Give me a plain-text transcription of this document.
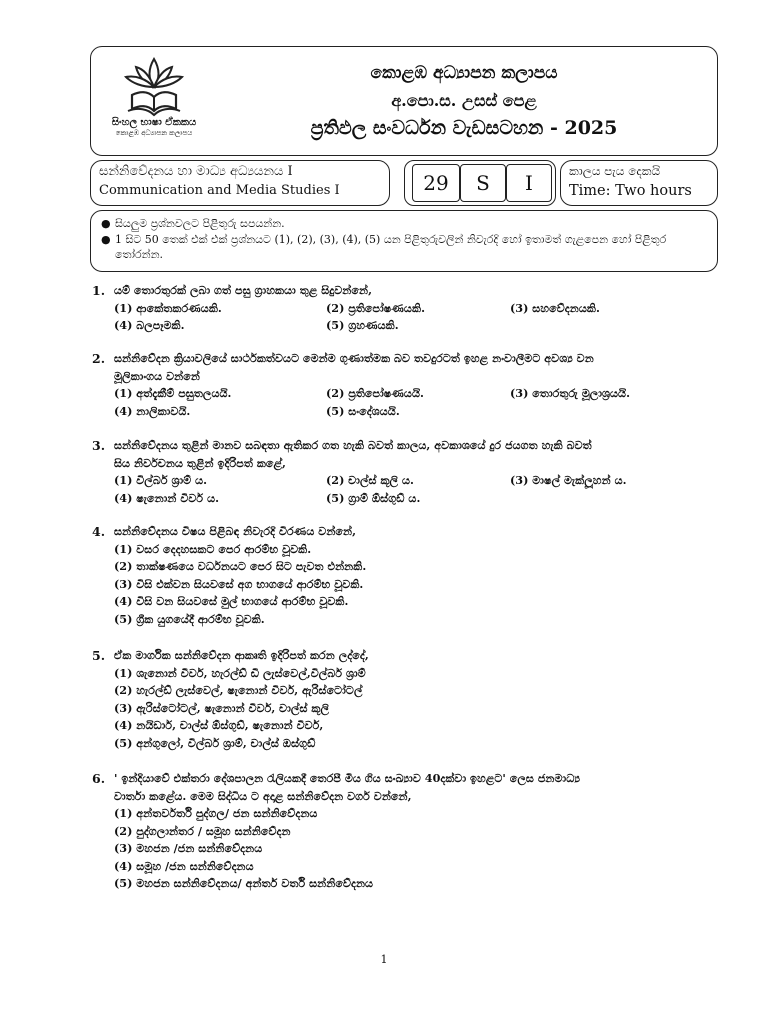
සිංහල භාෂා ඒකකය
කොළඹ අධ්‍යාපන කලාපය
කොළඹ අධ්‍යාපන කලාපය
අ.පො.ස. උසස් පෙළ
ප්‍රතිඵල සංවර්ධන වැඩසටහන - 2025
සන්නිවේදනය හා මාධ්‍ය අධ්‍යයනය I
Communication and Media Studies I	29	S	I	කාලය පැය දෙකයි
Time: Two hours
● සියලුම ප්‍රශ්නවලට පිළිතුරු සපයන්න.
● 1 සිට 50 තෙක් එක් එක් ප්‍රශ්නයට (1), (2), (3), (4), (5) යන පිළිතුරුවලින් නිවැරදි හෝ ඉතාමත් ගැළපෙන හෝ පිළිතුර තෝරන්න.
1. යම් තොරතුරක් ලබා ගත් පසු ග්‍රාහකයා තුළ සිදුවන්නේ,
(1) ආකේතකරණයකි.	(2) ප්‍රතිපෝෂණයකි.	(3) සහවේදනයකි.
(4) බලපෑමකි.	(5) ග්‍රහණයකි.
2. සන්නිවේදන ක්‍රියාවලියේ සාර්ථකත්වයට මෙන්ම ගුණාත්මක බව තවදුරටත් ඉහළ නංවාලීමට අවශ්‍ය වන
මූලිකාංගය වන්නේ
(1) අත්දැකීම් පසුතලයයි.	(2) ප්‍රතිපෝෂණයයි.	(3) තොරතුරු මූලාශ්‍රයයි.
(4) නාලිකාවයි.	(5) සංදේශයයි.
3. සන්නිවේදනය තුළින් මානව සබඳතා ඇතිකර ගත හැකි බවත් කාලය, අවකාශයේ දුර ජයගත හැකි බවත්
සිය නිර්වචනය තුළින් ඉදිරිපත් කළේ,
(1) විල්බර් ශ්‍රාම් ය.	(2) චාල්ස් කූලි ය.	(3) මාෂල් මැක්ලූහන් ය.
(4) ෂැනොන් වීවර් ය.	(5) ග්‍රාම් ඕස්ගුඩ් ය.
4. සන්නිවේදනය විෂය පිළිබඳ නිවැරදි විරණය වන්නේ,
(1) වසර දෙදහසකට පෙර ආරම්භ වූවකි.
(2) තාක්ෂණයෙ වර්ධනයට පෙර සිට පැවත එන්නකි.
(3) විසි එක්වන සියවසේ අග භාගයේ ආරම්භ වූවකි.
(4) විසි වන සියවසේ මුල් භාගයේ ආරම්භ වූවකි.
(5) ග්‍රීක යුගයේදී ආරම්භ වූවකි.
5. ඒක මාර්ගික සන්නිවේදන ආකෘති ඉදිරිපත් කරන ලද්දේ,
(1) ශැනොන් වීවර්, හැරල්ඩ් ඩී ලැස්වෙල්,විල්බර් ශ්‍රාම්
(2) හැරල්ඩ් ලැස්වෙල්, ෂැනොන් වීවර්, ඇරිස්ටෝටල්
(3) ඇරිස්ටෝටල්, ෂැනොන් වීවර්, චාල්ස් කූලි
(4) නයිඩාර්, චාල්ස් ඕස්ගුඩ්, ෂැනොන් වීවර්,
(5) අන්ගුලෝ, විල්බර් ශ්‍රාම්, චාල්ස් ඔස්ගුඩ්
6. ' ඉන්දියාවේ එක්තරා දේශපාලන රැලියකදී තෙරපී මිය ගිය සංඛ්‍යාව 40දක්වා ඉහළට' ලෙස ජනමාධ්‍ය
වාර්තා කළේය. මෙම සිද්ධිය ට අදාළ සන්නිවේදන වර්ග වන්නේ,
(1) අන්තර්වර්ති පුද්ගල/ ජන සන්නිවේදනය
(2) පුද්ගලාන්තර / සමූහ සන්නිවේදන
(3) මහජන /ජන සන්නිවේදනය
(4) සමූහ /ජන සන්නිවේදනය
(5) මහජන සන්නිවේදනය/ අන්තර් වර්ති සන්නිවේදනය
1
